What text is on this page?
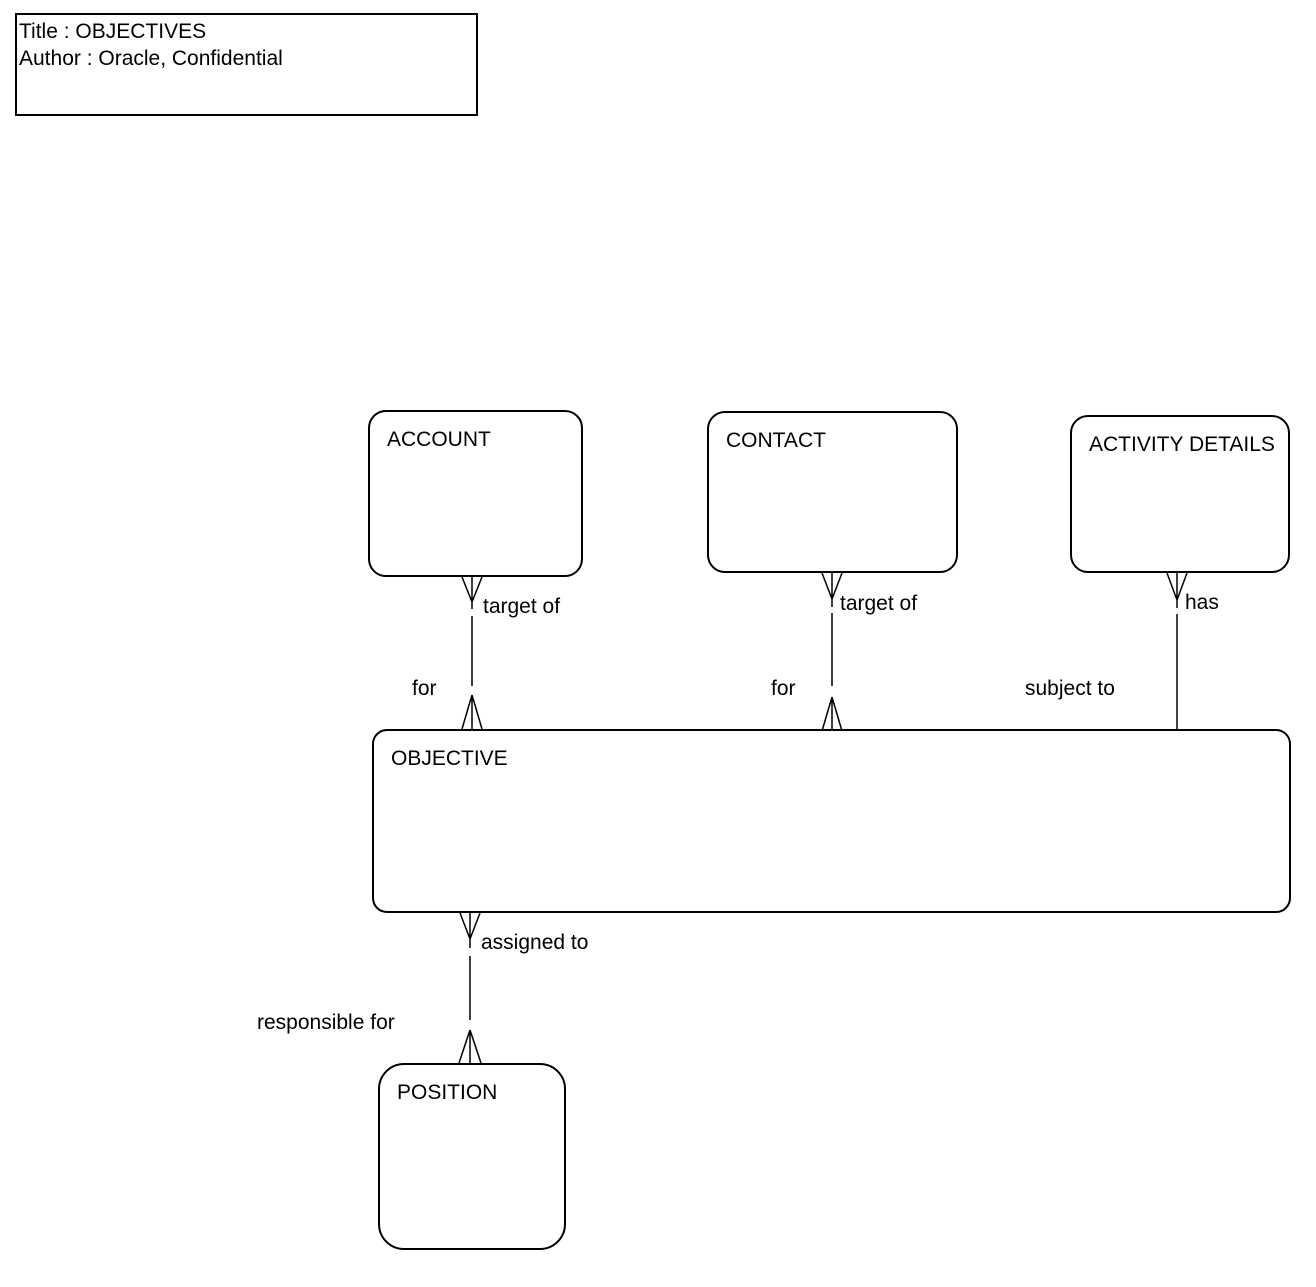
Title : OBJECTIVES
Author : Oracle, Confidential
ACCOUNT	CONTACT	ACTIVITY DETAILS
OBJECTIVE
POSITION
target of
for
target of
for
has
subject to
assigned to
responsible for
